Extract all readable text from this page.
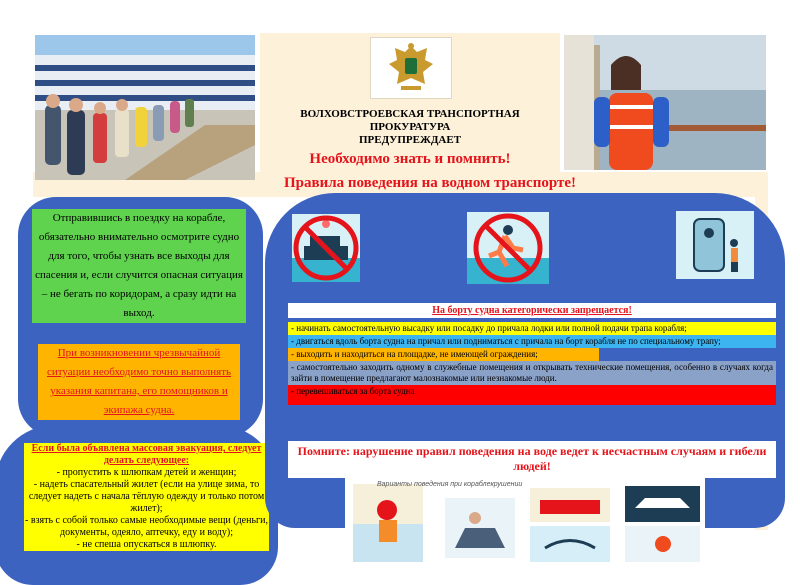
ВОЛХОВСТРОЕВСКАЯ ТРАНСПОРТНАЯ
ПРОКУРАТУРА
ПРЕДУПРЕЖДАЕТ
Необходимо знать и помнить!
Правила поведения на водном транспорте!

Отправившись в поездку на корабле, обязательно внимательно осмотрите судно для того, чтобы узнать все выходы для спасения и, если случится опасная ситуация – не бегать по коридорам, а сразу идти на выход.

При возникновении чрезвычайной ситуации необходимо точно выполнять указания капитана, его помощников и экипажа судна.

Если была объявлена массовая эвакуация, следует делать следующее:
- пропустить к шлюпкам детей и женщин;
- надеть спасательный жилет (если на улице зима, то следует надеть с начала тёплую одежду и только потом жилет);
- взять с собой только самые необходимые вещи (деньги, документы, одеяло, аптечку, еду и воду);
- не спеша опускаться в шлюпку.
На борту судна категорически запрещается!
- начинать самостоятельную высадку или посадку до причала лодки или полной подачи трапа корабля;
- двигаться вдоль борта судна на причал или подниматься с причала на борт корабля не по специальному трапу;
- выходить и находиться на площадке, не имеющей ограждения;
- самостоятельно заходить одному в служебные помещения и открывать технические помещения, особенно в случаях когда зайти в помещение предлагают малознакомые или незнакомые люди.
- перевешиваться за борта судна
Помните: нарушение правил поведения на воде ведет к несчастным случаям и гибели людей!
Варианты поведения при кораблекрушении
